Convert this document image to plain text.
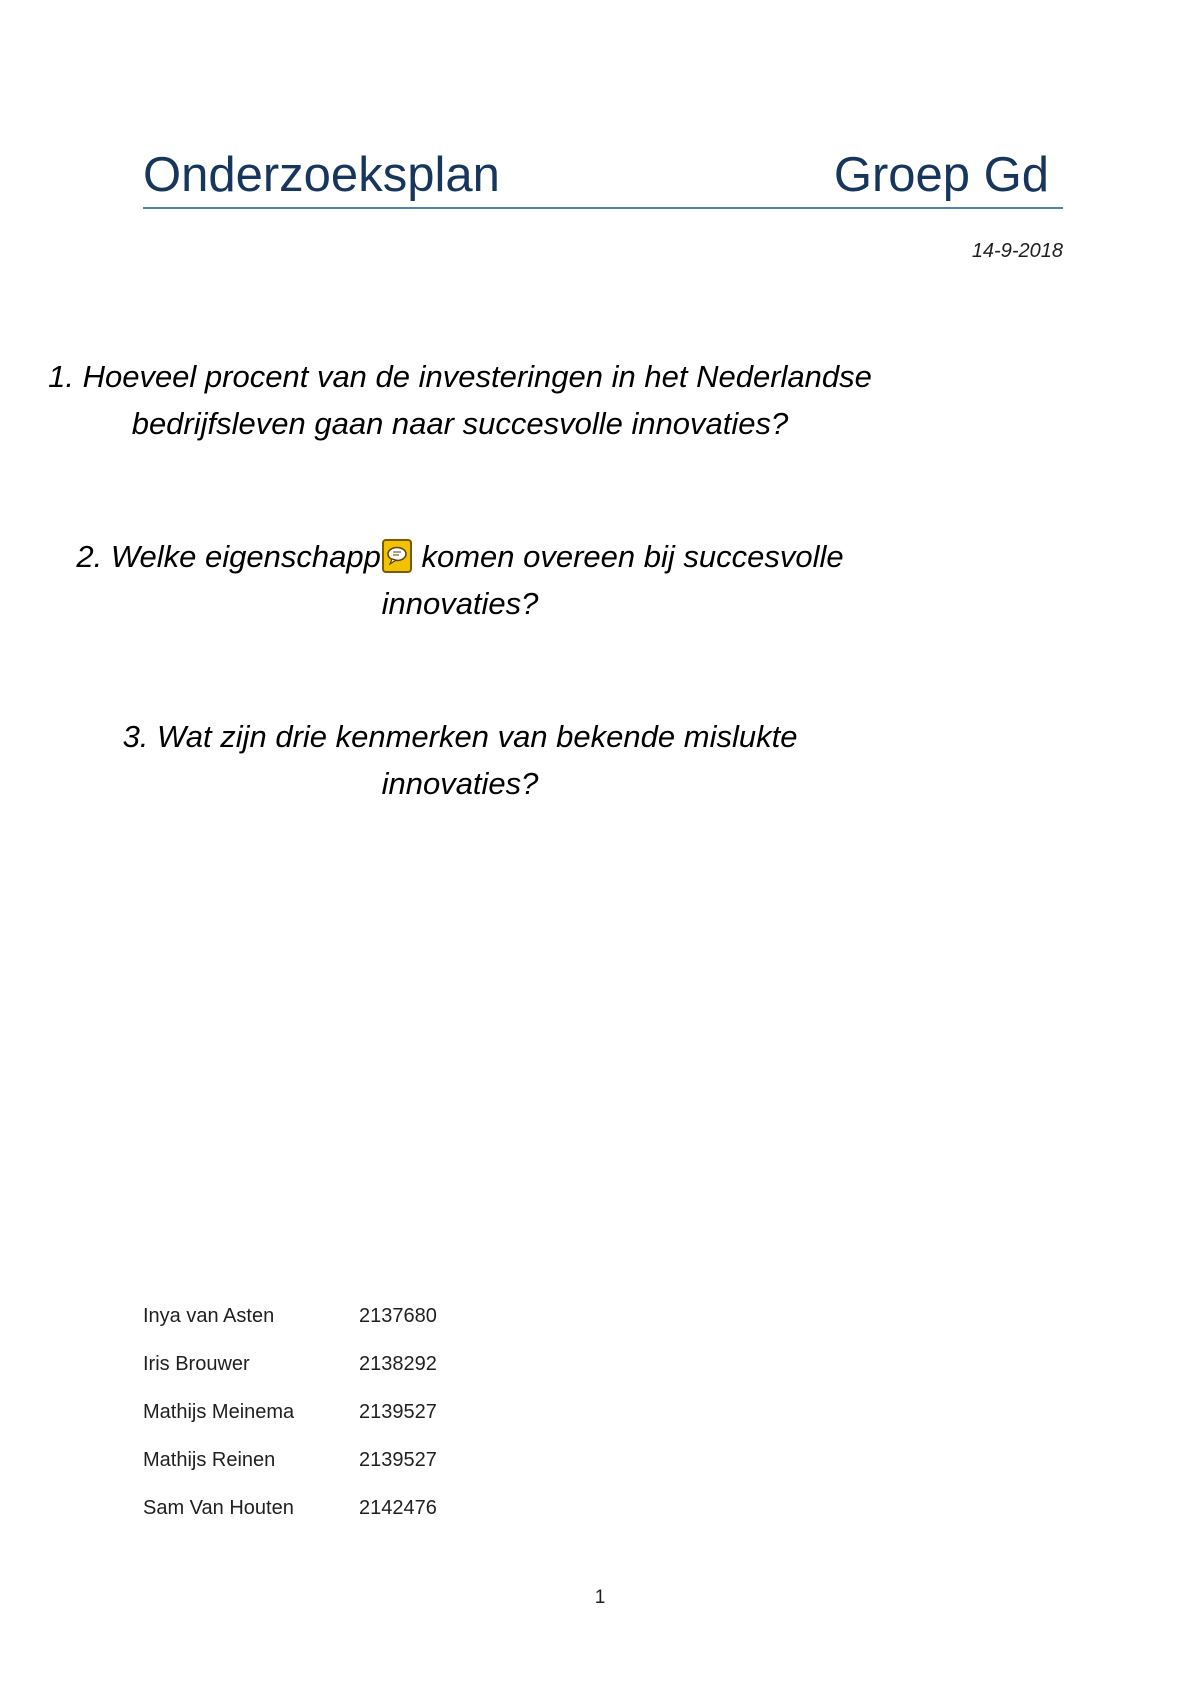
Onderzoeksplan	Groep Gd
14-9-2018
1. Hoeveel procent van de investeringen in het Nederlandse
bedrijfsleven gaan naar succesvolle innovaties?
2. Welke eigenschapp
komen overeen bij succesvolle
innovaties?
3. Wat zijn drie kenmerken van bekende mislukte
innovaties?
Inya van Asten	2137680
Iris Brouwer	2138292
Mathijs Meinema	2139527
Mathijs Reinen	2139527
Sam Van Houten	2142476
1
